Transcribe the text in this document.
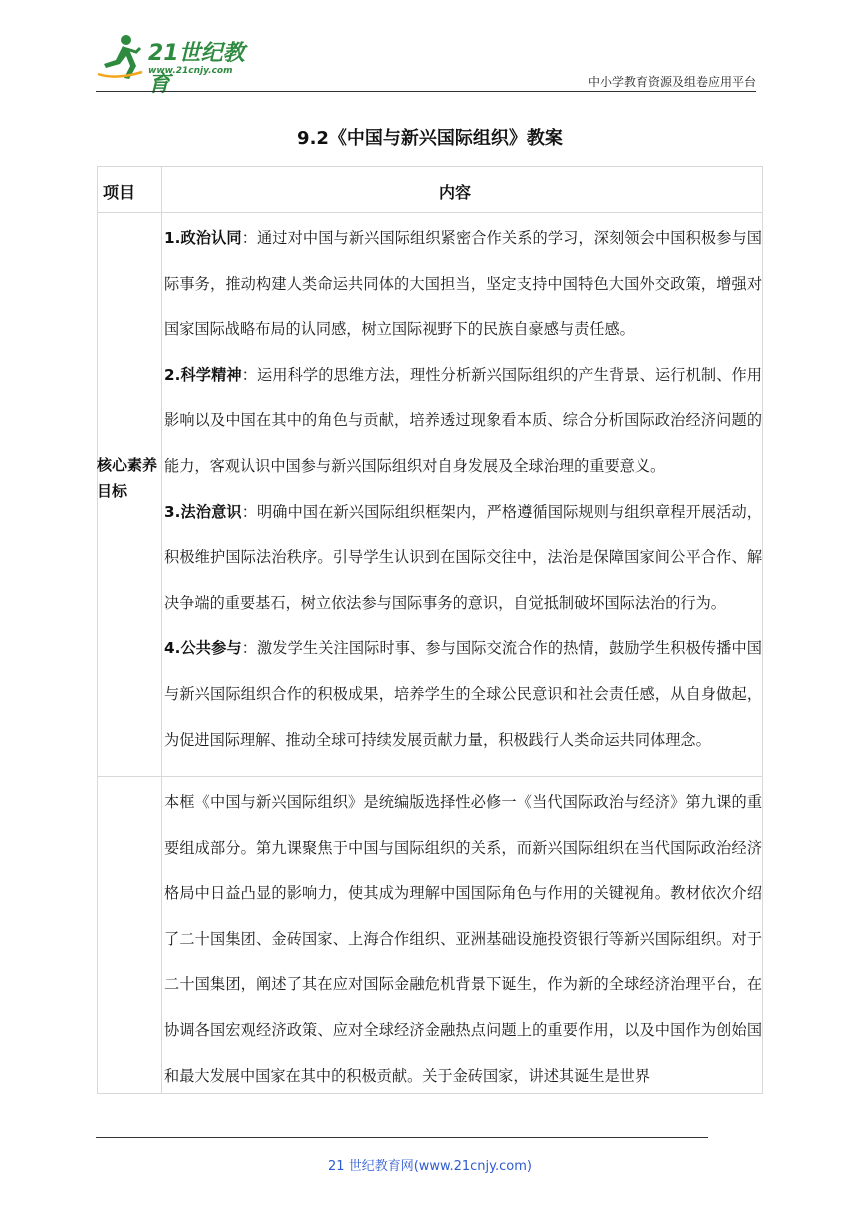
21世纪教育
www.21cnjy.com
中小学教育资源及组卷应用平台
9.2《中国与新兴国际组织》教案
项目	内容
核心素养目标

1.政治认同：通过对中国与新兴国际组织紧密合作关系的学习，深刻领会中国积极参与国际事务，推动构建人类命运共同体的大国担当，坚定支持中国特色大国外交政策，增强对国家国际战略布局的认同感，树立国际视野下的民族自豪感与责任感。

2.科学精神：运用科学的思维方法，理性分析新兴国际组织的产生背景、运行机制、作用影响以及中国在其中的角色与贡献，培养透过现象看本质、综合分析国际政治经济问题的能力，客观认识中国参与新兴国际组织对自身发展及全球治理的重要意义。

3.法治意识：明确中国在新兴国际组织框架内，严格遵循国际规则与组织章程开展活动，积极维护国际法治秩序。引导学生认识到在国际交往中，法治是保障国家间公平合作、解决争端的重要基石，树立依法参与国际事务的意识，自觉抵制破坏国际法治的行为。

4.公共参与：激发学生关注国际时事、参与国际交流合作的热情，鼓励学生积极传播中国与新兴国际组织合作的积极成果，培养学生的全球公民意识和社会责任感，从自身做起，为促进国际理解、推动全球可持续发展贡献力量，积极践行人类命运共同体理念。

本框《中国与新兴国际组织》是统编版选择性必修一《当代国际政治与经济》第九课的重要组成部分。第九课聚焦于中国与国际组织的关系，而新兴国际组织在当代国际政治经济格局中日益凸显的影响力，使其成为理解中国国际角色与作用的关键视角。教材依次介绍了二十国集团、金砖国家、上海合作组织、亚洲基础设施投资银行等新兴国际组织。对于二十国集团，阐述了其在应对国际金融危机背景下诞生，作为新的全球经济治理平台，在协调各国宏观经济政策、应对全球经济金融热点问题上的重要作用，以及中国作为创始国和最大发展中国家在其中的积极贡献。关于金砖国家，讲述其诞生是世界

21 世纪教育网(www.21cnjy.com)
